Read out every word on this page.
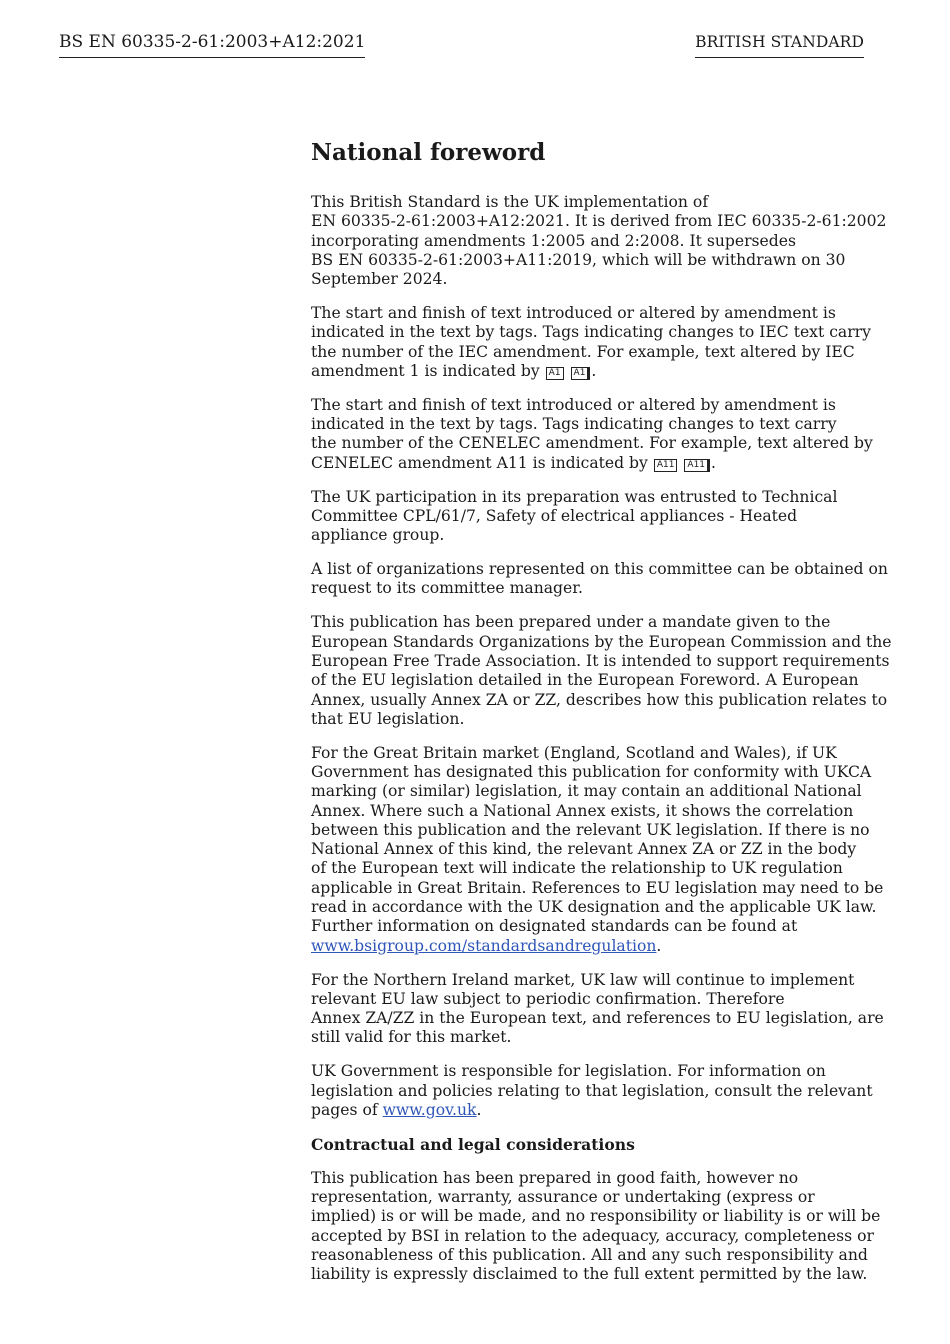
BS EN 60335-2-61:2003+A12:2021	BRITISH STANDARD
National foreword

This British Standard is the UK implementation of
EN 60335-2-61:2003+A12:2021. It is derived from IEC 60335-2-61:2002
incorporating amendments 1:2005 and 2:2008. It supersedes
BS EN 60335-2-61:2003+A11:2019, which will be withdrawn on 30
September 2024.

The start and finish of text introduced or altered by amendment is
indicated in the text by tags. Tags indicating changes to IEC text carry
the number of the IEC amendment. For example, text altered by IEC
amendment 1 is indicated by A1 A1 .

The start and finish of text introduced or altered by amendment is
indicated in the text by tags. Tags indicating changes to text carry
the number of the CENELEC amendment. For example, text altered by
CENELEC amendment A11 is indicated by A11 A11 .

The UK participation in its preparation was entrusted to Technical
Committee CPL/61/7, Safety of electrical appliances - Heated
appliance group.

A list of organizations represented on this committee can be obtained on
request to its committee manager.

This publication has been prepared under a mandate given to the
European Standards Organizations by the European Commission and the
European Free Trade Association. It is intended to support requirements
of the EU legislation detailed in the European Foreword. A European
Annex, usually Annex ZA or ZZ, describes how this publication relates to
that EU legislation.

For the Great Britain market (England, Scotland and Wales), if UK
Government has designated this publication for conformity with UKCA
marking (or similar) legislation, it may contain an additional National
Annex. Where such a National Annex exists, it shows the correlation
between this publication and the relevant UK legislation. If there is no
National Annex of this kind, the relevant Annex ZA or ZZ in the body
of the European text will indicate the relationship to UK regulation
applicable in Great Britain. References to EU legislation may need to be
read in accordance with the UK designation and the applicable UK law.
Further information on designated standards can be found at
www.bsigroup.com/standardsandregulation.

For the Northern Ireland market, UK law will continue to implement
relevant EU law subject to periodic confirmation. Therefore
Annex ZA/ZZ in the European text, and references to EU legislation, are
still valid for this market.

UK Government is responsible for legislation. For information on
legislation and policies relating to that legislation, consult the relevant
pages of www.gov.uk.

Contractual and legal considerations

This publication has been prepared in good faith, however no
representation, warranty, assurance or undertaking (express or
implied) is or will be made, and no responsibility or liability is or will be
accepted by BSI in relation to the adequacy, accuracy, completeness or
reasonableness of this publication. All and any such responsibility and
liability is expressly disclaimed to the full extent permitted by the law.
